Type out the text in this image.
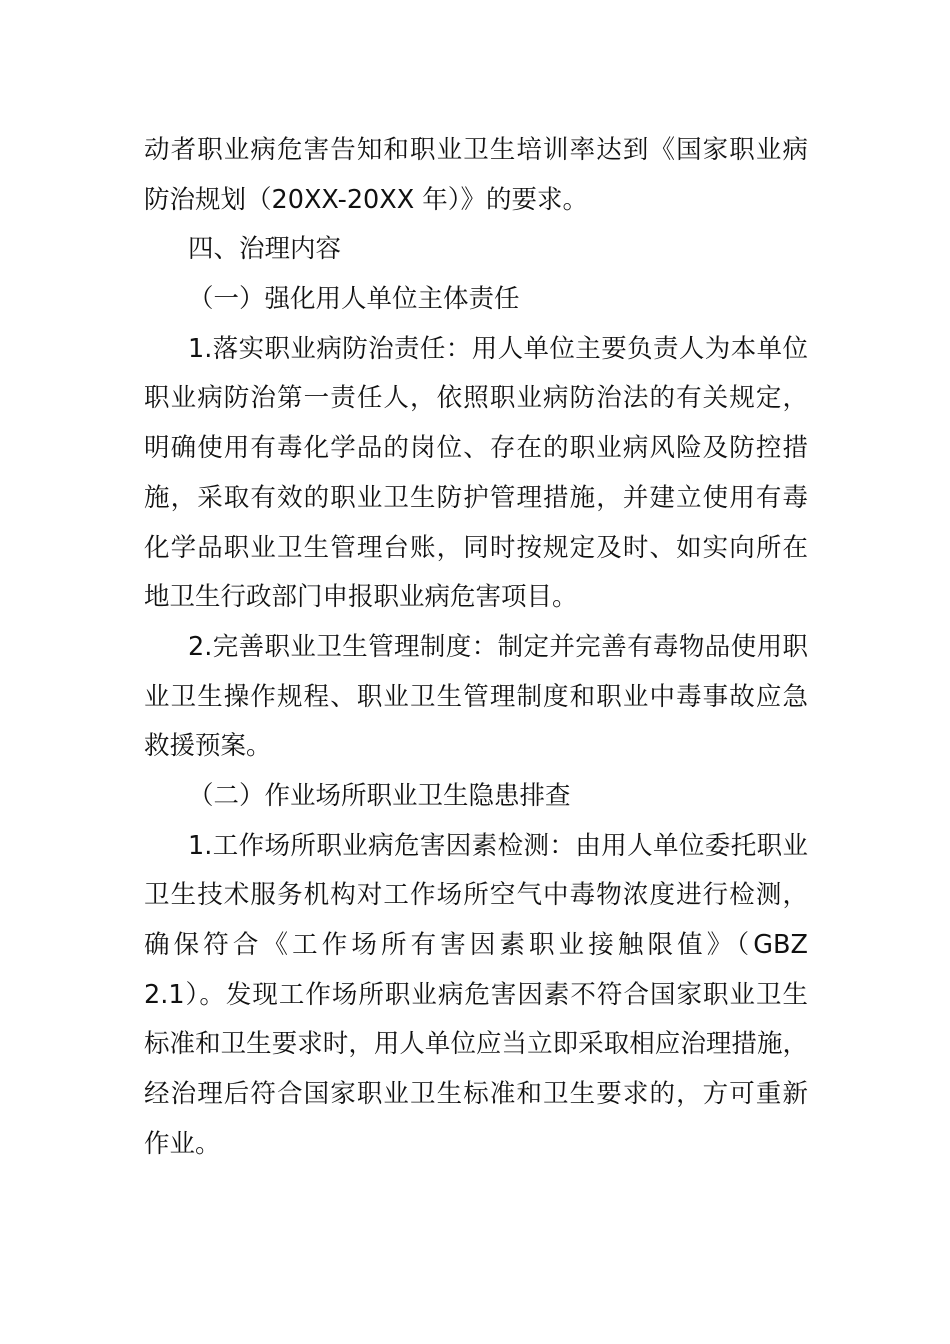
动者职业病危害告知和职业卫生培训率达到《国家职业病
防治规划（20XX-20XX 年）》的要求。
四、治理内容
（一）强化用人单位主体责任
1.落实职业病防治责任：用人单位主要负责人为本单位
职业病防治第一责任人，依照职业病防治法的有关规定，
明确使用有毒化学品的岗位、存在的职业病风险及防控措
施，采取有效的职业卫生防护管理措施，并建立使用有毒
化学品职业卫生管理台账，同时按规定及时、如实向所在
地卫生行政部门申报职业病危害项目。
2.完善职业卫生管理制度：制定并完善有毒物品使用职
业卫生操作规程、职业卫生管理制度和职业中毒事故应急
救援预案。
（二）作业场所职业卫生隐患排查
1.工作场所职业病危害因素检测：由用人单位委托职业
卫生技术服务机构对工作场所空气中毒物浓度进行检测，
确保符合《工作场所有害因素职业接触限值》（GBZ
2.1）。发现工作场所职业病危害因素不符合国家职业卫生
标准和卫生要求时，用人单位应当立即采取相应治理措施，
经治理后符合国家职业卫生标准和卫生要求的，方可重新
作业。
